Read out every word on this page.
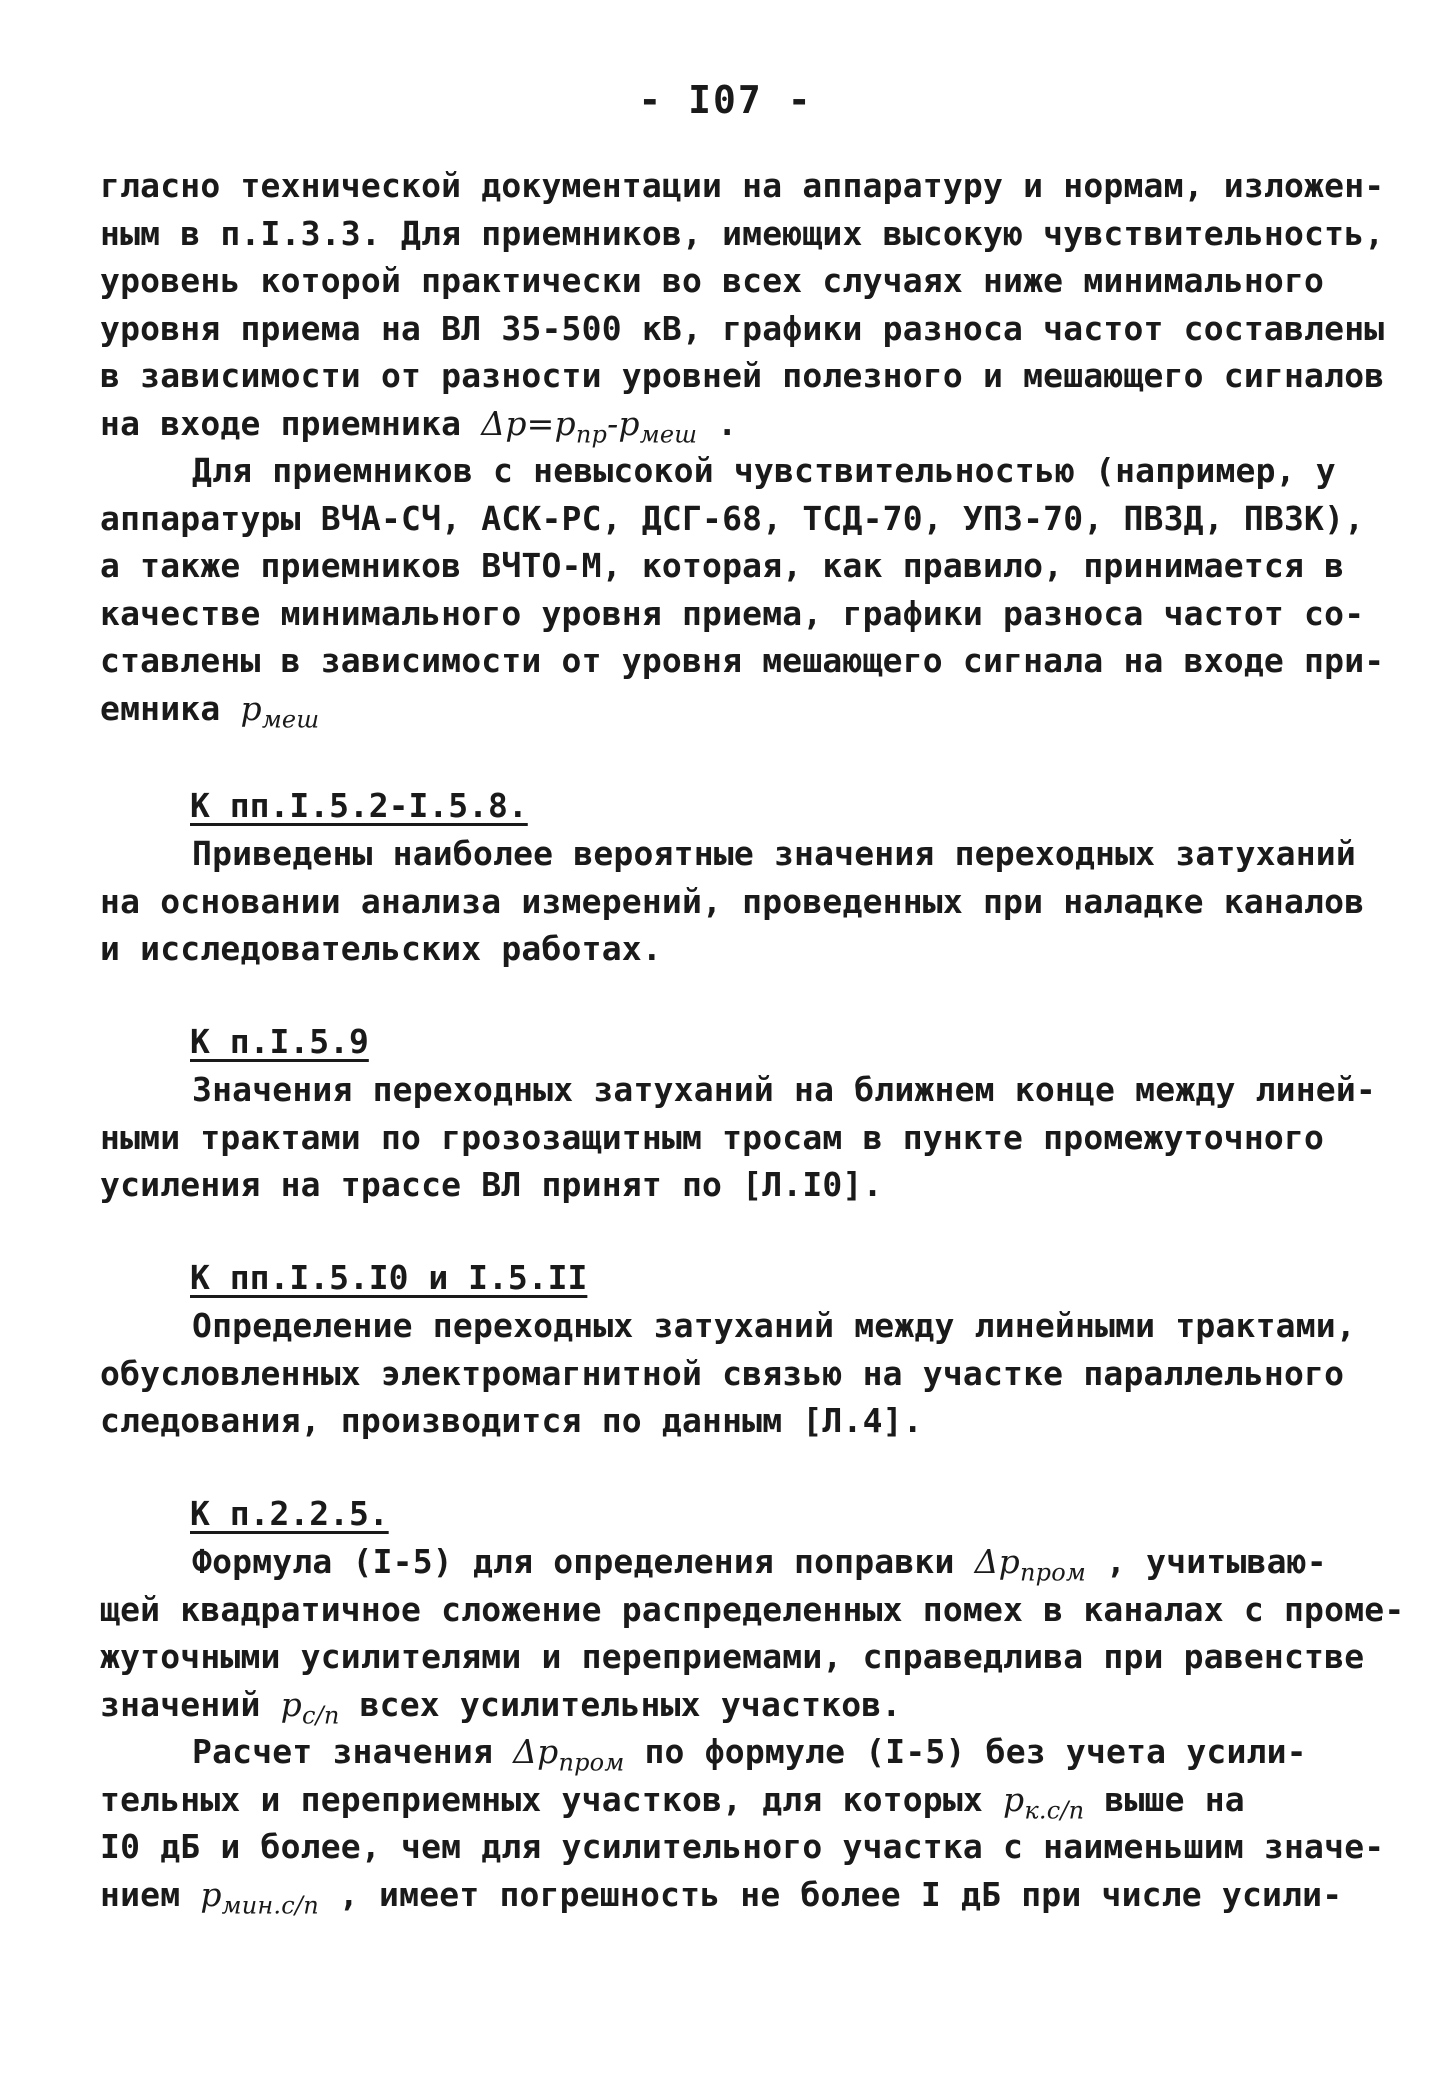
- I07 -
гласно технической документации на аппаратуру и нормам, изложен-
ным в п.I.3.3. Для приемников, имеющих высокую чувствительность,
уровень которой практически во всех случаях ниже минимального
уровня приема на ВЛ 35-500 кВ, графики разноса частот составлены
в зависимости от разности уровней полезного и мешающего сигналов
на входе приемника $\Delta p=p_{пр}-p_{меш}$ .
Для приемников с невысокой чувствительностью (например, у
аппаратуры ВЧА-СЧ, АСК-РС, ДСГ-68, ТСД-70, УПЗ-70, ПВЗД, ПВЗК),
а также приемников ВЧТО-М, которая, как правило, принимается в
качестве минимального уровня приема, графики разноса частот со-
ставлены в зависимости от уровня мешающего сигнала на входе при-
емника $p_{меш}$
К пп.I.5.2-I.5.8.
Приведены наиболее вероятные значения переходных затуханий
на основании анализа измерений, проведенных при наладке каналов
и исследовательских работах.
К п.I.5.9
Значения переходных затуханий на ближнем конце между линей-
ными трактами по грозозащитным тросам в пункте промежуточного
усиления на трассе ВЛ принят по [Л.I0].
К пп.I.5.I0 и I.5.II
Определение переходных затуханий между линейными трактами,
обусловленных электромагнитной связью на участке параллельного
следования, производится по данным [Л.4].
К п.2.2.5.
Формула (I-5) для определения поправки $\Delta p_{пром}$ , учитываю-
щей квадратичное сложение распределенных помех в каналах с проме-
жуточными усилителями и переприемами, справедлива при равенстве
значений $p_{с/п}$ всех усилительных участков.
Расчет значения $\Delta p_{пром}$ по формуле (I-5) без учета усили-
тельных и переприемных участков, для которых $p_{к.с/п}$ выше на
I0 дБ и более, чем для усилительного участка с наименьшим значе-
нием $p_{мин.с/п}$ , имеет погрешность не более I дБ при числе усили-
